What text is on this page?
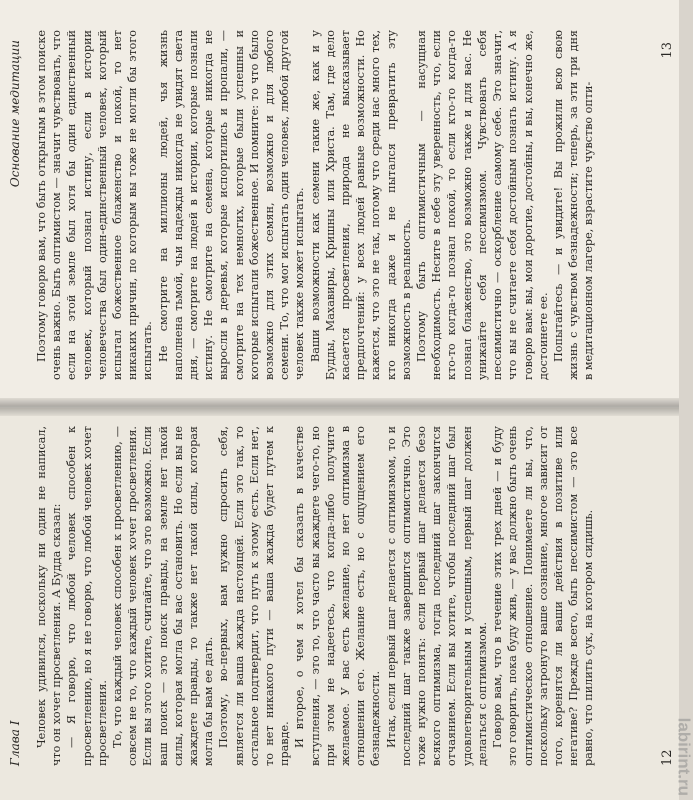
Глава I Человек удивился, поскольку ни один не написал, что он хочет просветления. А Будда сказал: — Я говорю, что любой человек способен к просветлению, но я не говорю, что любой человек хочет просветления. То, что каждый человек способен к просветлению, — совсем не то, что каждый человек хочет просветления. Если вы этого хотите, считайте, что это возможно. Если ваш поиск — это поиск правды, на земле нет такой силы, которая могла бы вас остановить. Но если вы не жаждете правды, то также нет такой силы, которая могла бы вам ее дать. Поэтому, во-первых, вам нужно спросить себя, является ли ваша жажда настоящей. Если это так, то остальное подтвердит, что путь к этому есть. Если нет, то нет никакого пути — ваша жажда будет путем к правде. И второе, о чем я хотел бы сказать в качестве вступления, — это то, что часто вы жаждете чего-то, но при этом не надеетесь, что когда-либо получите желаемое. У вас есть желание, но нет оптимизма в отношении его. Желание есть, но с ощущением его безнадежности. Итак, если первый шаг делается с оптимизмом, то и последний шаг также завершится оптимистично. Это тоже нужно понять: если первый шаг делается безо всякого оптимизма, тогда последний шаг закончится отчаянием. Если вы хотите, чтобы последний шаг был удовлетворительным и успешным, первый шаг должен делаться с оптимизмом. Говорю вам, что в течение этих трех дней — и буду это говорить, пока буду жив, — у вас должно быть очень оптимистическое отношение. Понимаете ли вы, что, поскольку затронуто ваше сознание, многое зависит от того, коренятся ли ваши действия в позитиве или негативе? Прежде всего, быть пессимистом — это все равно, что пилить сук, на котором сидишь.	12
Основание медитации Поэтому говорю вам, что быть открытым в этом поиске очень важно. Быть оптимистом — значит чувствовать, что если на этой земле был хотя бы один единственный человек, который познал истину, если в истории человечества был один-единственный человек, который испытал божественное блаженство и покой, то нет никаких причин, по которым вы тоже не могли бы этого испытать. Не смотрите на миллионы людей, чья жизнь наполнена тьмой, чьи надежды никогда не увидят света дня, — смотрите на людей в истории, которые познали истину. Не смотрите на семена, которые никогда не выросли в деревья, которые испортились и пропали, — смотрите на тех немногих, которые были успешны и которые испытали божественное. И помните: то что было возможно для этих семян, возможно и для любого семени. То, что мог испытать один человек, любой другой человек также может испытать. Ваши возможности как семени такие же, как и у Будды, Махавиры, Кришны или Христа. Там, где дело касается просветления, природа не высказывает предпочтений: у всех людей равные возможности. Но кажется, что это не так, потому что среди нас много тех, кто никогда даже и не пытался превратить эту возможность в реальность. Поэтому быть оптимистичным — насущная необходимость. Несите в себе эту уверенность, что, если кто-то когда-то познал покой, то если кто-то когда-то познал блаженство, это возможно также и для вас. Не унижайте себя пессимизмом. Чувствовать себя пессимистично — оскорбление самому себе. Это значит, что вы не считаете себя достойным познать истину. А я говорю вам: вы, мои дорогие, достойны, и вы, конечно же, достоинете ее. Попытайтесь — и увидите! Вы прожили всю свою жизнь с чувством безнадежности; теперь, за эти три дня в медитационном лагере, взрастите чувство опти-

13
labirint.ru
